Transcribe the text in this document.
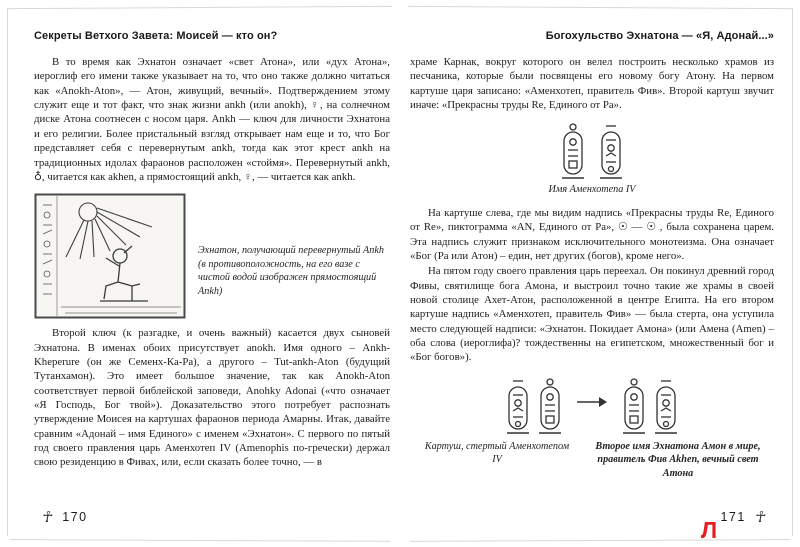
Секреты Ветхого Завета: Моисей — кто он?

В то время как Эхнатон означает «свет Атона», или «дух Атона», иероглиф его имени также указывает на то, что оно также должно читаться как «Anokh-Aton», — Атон, живущий, вечный». Подтверждением этому служит еще и тот факт, что знак жизни ankh (или anokh), ♀, на солнечном диске Атона соотнесен с носом царя. Ankh — ключ для личности Эхнатона и его религии. Более пристальный взгляд открывает нам еще и то, что Бог представляет себя с перевернутым ankh, тогда как этот крест ankh на традиционных идолах фараонов расположен «стоймя». Перевернутый ankh, ♁, читается как akhen, а прямостоящий ankh, ♀, — читается как ankh.

Эхнатон, получающий перевернутый Ankh (в противоположность, на его вазе с чистой водой изображен прямостоящий Ankh)

Второй ключ (к разгадке, и очень важный) касается двух сыновей Эхнатона. В именах обоих присутствует anokh. Имя одного – Ankh-Kheperure (он же Семенх-Ка-Ра), а другого – Tut-ankh-Aton (будущий Тутанхамон). Это имеет большое значение, так как Anokh-Aton соответствует первой библейской заповеди, Anohky Adonai («что означает «Я Господь, Бог твой»). Доказательство этого потребует распознать утверждение Моисея на картушах фараонов периода Амарны. Итак, давайте сравним «Адонай – имя Единого» с именем «Эхнатон». С первого по пятый год своего правления царь Аменхотеп IV (Amenophis по-гречески) держал свою резиденцию в Фивах, или, если сказать более точно, — в

☥ 170
Богохульство Эхнатона — «Я, Адонай...»

храме Карнак, вокруг которого он велел построить несколько храмов из песчаника, которые были посвящены его новому богу Атону. На первом картуше царя записано: «Аменхотеп, правитель Фив». Второй картуш звучит иначе: «Прекрасны труды Re, Единого от Ра».

Имя Аменхотепа IV

На картуше слева, где мы видим надпись «Прекрасны труды Re, Единого от Re», пиктограмма «AN, Единого от Ра», ☉ — ☉ , была сохранена царем. Эта надпись служит признаком исключительного монотеизма. Она означает «Бог (Ра или Атон) – един, нет других (богов), кроме него».

На пятом году своего правления царь переехал. Он покинул древний город Фивы, святилище бога Амона, и выстроил точно такие же храмы в своей новой столице Ахет-Атон, расположенной в центре Египта. На его втором картуше надпись «Аменхотеп, правитель Фив» — была стерта, она уступила место следующей надписи: «Эхнатон. Покидает Амона» (или Амена (Amen) – оба слова (иероглифа)? тождественны на египетском, множественный бог и «Бог богов»).

Картуш, стертый Аменхотепом IV
Второе имя Эхнатона Амон в мире, правитель Фив Akhen, вечный свет Атона
171 ☥
Л
